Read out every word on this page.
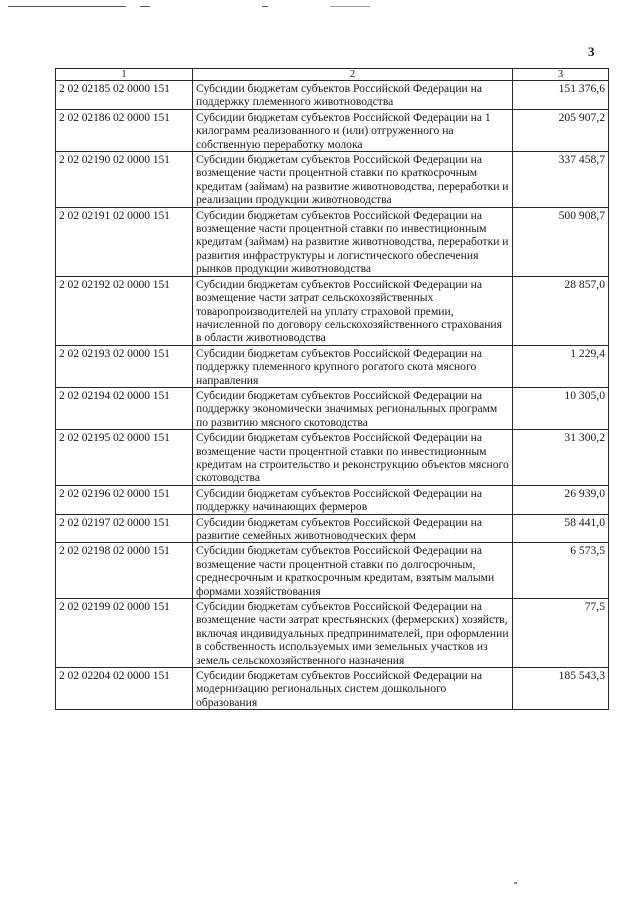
3
1	2	3
2 02 02185 02 0000 151	Субсидии бюджетам субъектов Российской Федерации на поддержку племенного животноводства	151 376,6
2 02 02186 02 0000 151	Субсидии бюджетам субъектов Российской Федерации на 1 килограмм реализованного и (или) отгруженного на собственную переработку молока	205 907,2
2 02 02190 02 0000 151	Субсидии бюджетам субъектов Российской Федерации на возмещение части процентной ставки по краткосрочным кредитам (займам) на развитие животноводства, переработки и реализации продукции животноводства	337 458,7
2 02 02191 02 0000 151	Субсидии бюджетам субъектов Российской Федерации на возмещение части процентной ставки по инвестиционным кредитам (займам) на развитие животноводства, переработки и развития инфраструктуры и логистического обеспечения рынков продукции животноводства	500 908,7
2 02 02192 02 0000 151	Субсидии бюджетам субъектов Российской Федерации на возмещение части затрат сельскохозяйственных товаропроизводителей на уплату страховой премии, начисленной по договору сельскохозяйственного страхования в области животноводства	28 857,0
2 02 02193 02 0000 151	Субсидии бюджетам субъектов Российской Федерации на поддержку племенного крупного рогатого скота мясного направления	1 229,4
2 02 02194 02 0000 151	Субсидии бюджетам субъектов Российской Федерации на поддержку экономически значимых региональных программ по развитию мясного скотоводства	10 305,0
2 02 02195 02 0000 151	Субсидии бюджетам субъектов Российской Федерации на возмещение части процентной ставки по инвестиционным кредитам на строительство и реконструкцию объектов мясного скотоводства	31 300,2
2 02 02196 02 0000 151	Субсидии бюджетам субъектов Российской Федерации на поддержку начинающих фермеров	26 939,0
2 02 02197 02 0000 151	Субсидии бюджетам субъектов Российской Федерации на развитие семейных животноводческих ферм	58 441,0
2 02 02198 02 0000 151	Субсидии бюджетам субъектов Российской Федерации на возмещение части процентной ставки по долгосрочным, среднесрочным и краткосрочным кредитам, взятым малыми формами хозяйствования	6 573,5
2 02 02199 02 0000 151	Субсидии бюджетам субъектов Российской Федерации на возмещение части затрат крестьянских (фермерских) хозяйств, включая индивидуальных предпринимателей, при оформлении в собственность используемых ими земельных участков из земель сельскохозяйственного назначения	77,5
2 02 02204 02 0000 151	Субсидии бюджетам субъектов Российской Федерации на модернизацию региональных систем дошкольного образования	185 543,3
